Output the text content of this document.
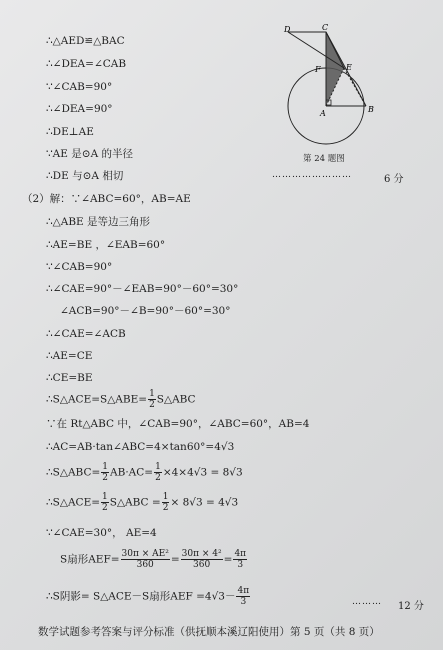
∴△AED≌△BAC
∴∠DEA=∠CAB
∵∠CAB=90°
∴∠DEA=90°
∴DE⊥AE
∵AE 是⊙A 的半径
∴DE 与⊙A 相切
（2）解：∵∠ABC=60°，AB=AE
∴△ABE 是等边三角形
∴AE=BE ，∠EAB=60°
∵∠CAB=90°
∴∠CAE=90°－∠EAB=90°－60°=30°
∠ACB=90°－∠B=90°－60°=30°
∴∠CAE=∠ACB
∴AE=CE
∴CE=BE
∴S△ACE=S△ABE= $\frac{1}{2}$ S△ABC
∵在 Rt△ABC 中，∠CAB=90°，∠ABC=60°，AB=4
∴AC=AB·tan∠ABC=4×tan60°=4√3
∴S△ABC= $\frac{1}{2} AB\cdot AC= \frac{1}{2} \times 4\times 4√3 = 8√3$
∴S△ACE= $\frac{1}{2}$ S△ABC = $\frac{1}{2} \times 8√3 = 4√3$
∵∠CAE=30°， AE=4
S扇形$AEF= \frac{\text{30π × AE²}}{360} = \frac{\text{30π × 4²}}{360} = \frac{4\pi}{3}$
∴S阴影= S△ACE－S扇形AEF $=4√3- \frac{4\pi}{3}$
D	C
F	E
A	B
第 24 题图
……………………	6 分
……… 12 分
数学试题参考答案与评分标准（供抚顺本溪辽阳使用）第 5 页（共 8 页）
